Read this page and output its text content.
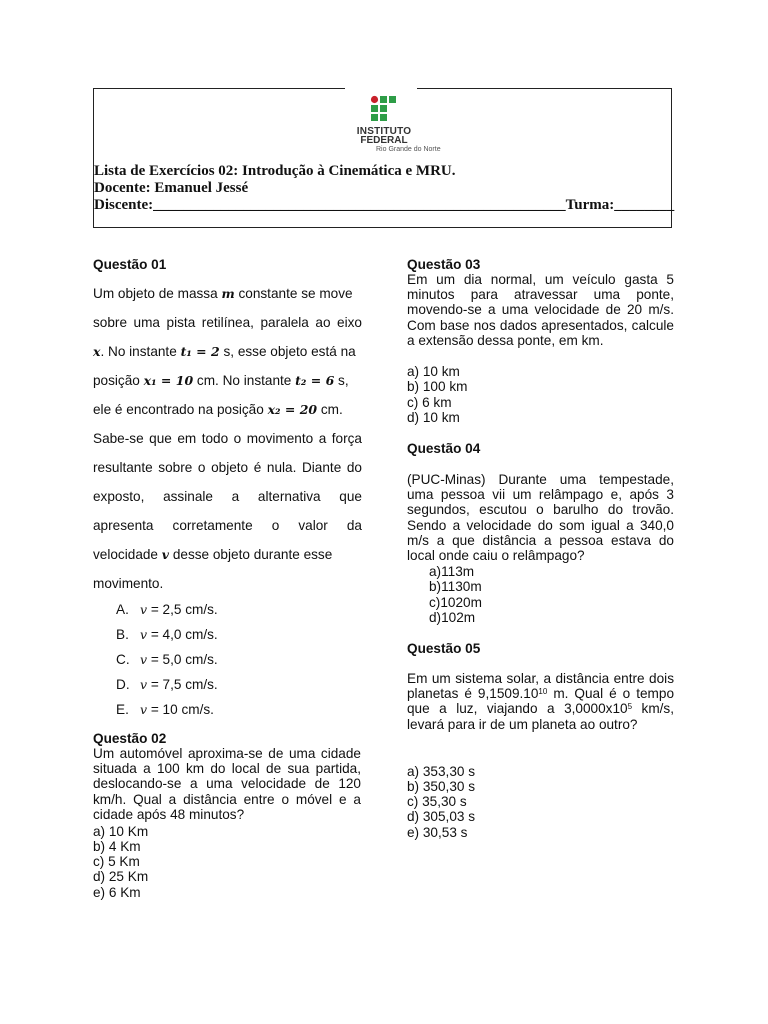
INSTITUTO
FEDERAL
Rio Grande do Norte
Lista de Exercícios 02: Introdução à Cinemática e MRU.
Docente: Emanuel Jessé
Discente:_______________________________________________________Turma:________
Questão 01
Um objeto de massa m constante se move
sobre uma pista retilínea, paralela ao eixo
x. No instante t₁ = 2 s, esse objeto está na
posição x₁ = 10 cm. No instante t₂ = 6 s,
ele é encontrado na posição x₂ = 20 cm.
Sabe-se que em todo o movimento a força
resultante sobre o objeto é nula. Diante do
exposto, assinale a alternativa que
apresenta corretamente o valor da
velocidade v desse objeto durante esse
movimento.
A. v = 2,5 cm/s.
B. v = 4,0 cm/s.
C. v = 5,0 cm/s.
D. v = 7,5 cm/s.
E. v = 10 cm/s.
Questão 02
Um automóvel aproxima-se de uma cidade situada a 100 km do local de sua partida, deslocando-se a uma velocidade de 120 km/h. Qual a distância entre o móvel e a cidade após 48 minutos?
a) 10 Km
b) 4 Km
c) 5 Km
d) 25 Km
e) 6 Km
Questão 03
Em um dia normal, um veículo gasta 5 minutos para atravessar uma ponte, movendo-se a uma velocidade de 20 m/s. Com base nos dados apresentados, calcule a extensão dessa ponte, em km.
a) 10 km
b) 100 km
c) 6 km
d) 10 km
Questão 04
(PUC-Minas) Durante uma tempestade, uma pessoa vii um relâmpago e, após 3 segundos, escutou o barulho do trovão. Sendo a velocidade do som igual a 340,0 m/s a que distância a pessoa estava do local onde caiu o relâmpago?
a)113m
b)1130m
c)1020m
d)102m
Questão 05
Em um sistema solar, a distância entre dois planetas é 9,1509.10$^{10}$ m. Qual é o tempo que a luz, viajando a $3,0000x10^5$ km/s, levará para ir de um planeta ao outro?
a) 353,30 s
b) 350,30 s
c) 35,30 s
d) 305,03 s
e) 30,53 s
